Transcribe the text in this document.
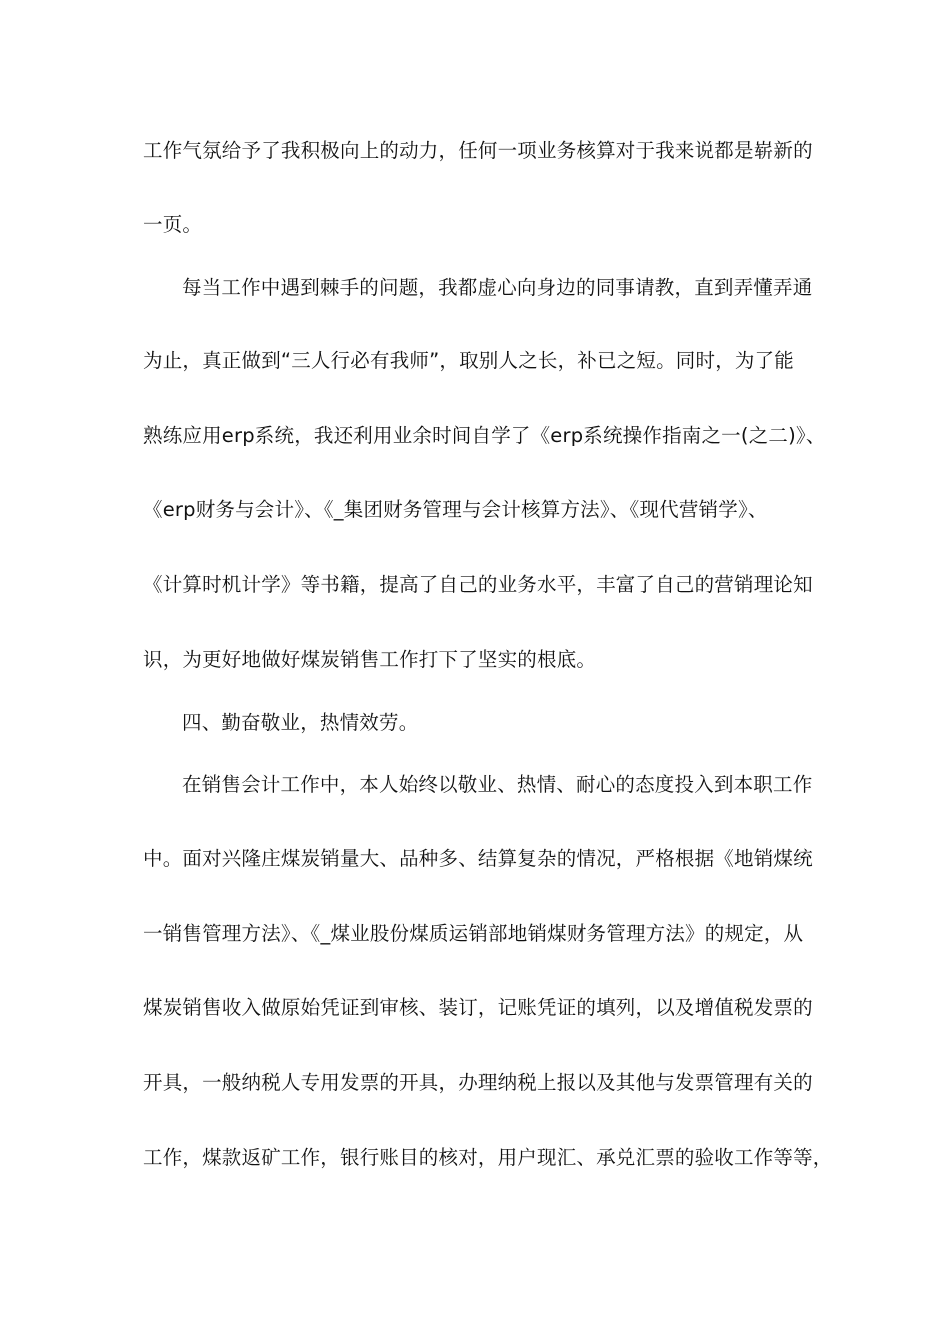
工作气氛给予了我积极向上的动力，任何一项业务核算对于我来说都是崭新的
一页。
每当工作中遇到棘手的问题，我都虚心向身边的同事请教，直到弄懂弄通
为止，真正做到“三人行必有我师”，取别人之长，补已之短。同时，为了能
熟练应用erp系统，我还利用业余时间自学了《erp系统操作指南之一(之二)》、
《erp财务与会计》、《_集团财务管理与会计核算方法》、《现代营销学》、
《计算时机计学》等书籍，提高了自己的业务水平，丰富了自己的营销理论知
识，为更好地做好煤炭销售工作打下了坚实的根底。
四、勤奋敬业，热情效劳。
在销售会计工作中，本人始终以敬业、热情、耐心的态度投入到本职工作
中。面对兴隆庄煤炭销量大、品种多、结算复杂的情况，严格根据《地销煤统
一销售管理方法》、《_煤业股份煤质运销部地销煤财务管理方法》的规定，从
煤炭销售收入做原始凭证到审核、装订，记账凭证的填列，以及增值税发票的
开具，一般纳税人专用发票的开具，办理纳税上报以及其他与发票管理有关的
工作，煤款返矿工作，银行账目的核对，用户现汇、承兑汇票的验收工作等等，
